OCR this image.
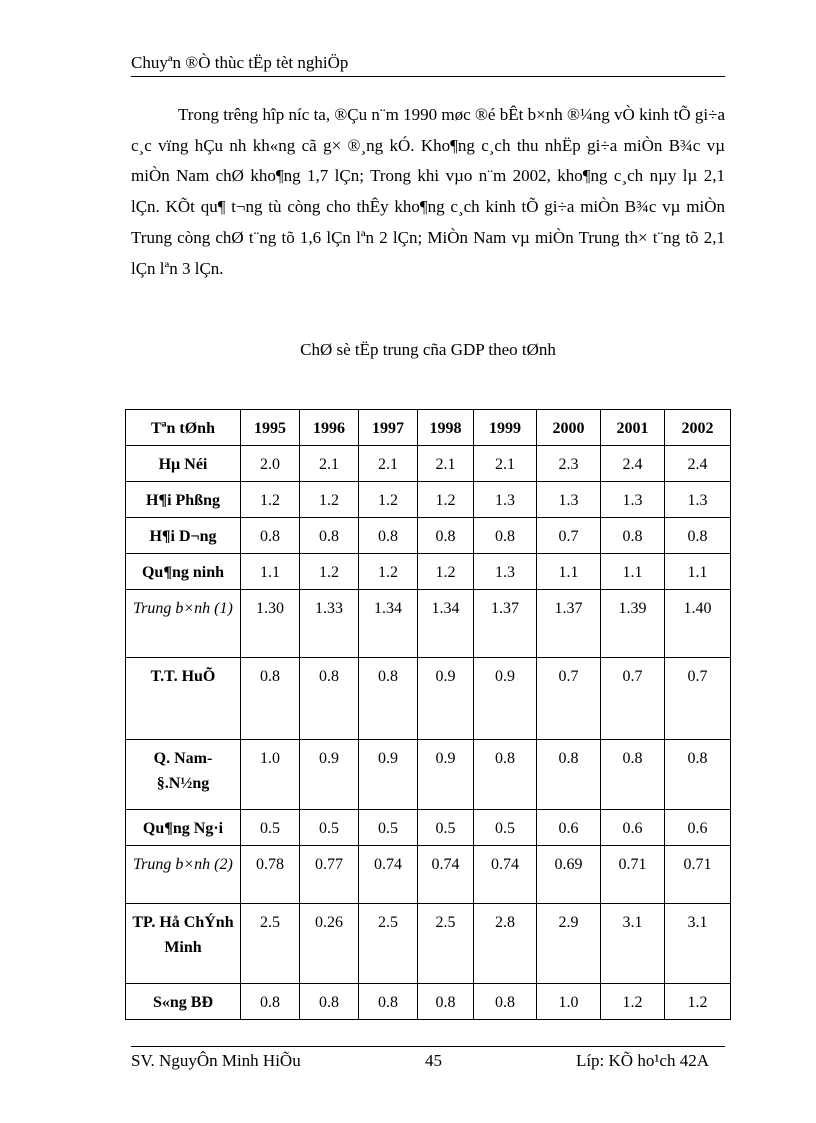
Chuyªn ®Ò thùc tËp tèt nghiÖp

Trong trêng hîp níc ta, ®Çu n¨m 1990 møc ®é bÊt b×nh ®¼ng vÒ kinh tÕ gi÷a c¸c vïng hÇu nh kh«ng cã g× ®¸ng kÓ. Kho¶ng c¸ch thu nhËp gi÷a miÒn B¾c vµ miÒn Nam chØ kho¶ng 1,7 lÇn; Trong khi vµo n¨m 2002, kho¶ng c¸ch nµy lµ 2,1 lÇn. KÕt qu¶ t¬ng tù còng cho thÊy kho¶ng c¸ch kinh tÕ gi÷a miÒn B¾c vµ miÒn Trung còng chØ t¨ng tõ 1,6 lÇn lªn 2 lÇn; MiÒn Nam vµ miÒn Trung th× t¨ng tõ 2,1 lÇn lªn 3 lÇn.

ChØ sè tËp trung cña GDP theo tØnh
Tªn tØnh	1995	1996	1997	1998	1999	2000	2001	2002
Hµ Néi	2.0	2.1	2.1	2.1	2.1	2.3	2.4	2.4
H¶i Phßng	1.2	1.2	1.2	1.2	1.3	1.3	1.3	1.3
H¶i D¬ng	0.8	0.8	0.8	0.8	0.8	0.7	0.8	0.8
Qu¶ng ninh	1.1	1.2	1.2	1.2	1.3	1.1	1.1	1.1
Trung b×nh (1)	1.30	1.33	1.34	1.34	1.37	1.37	1.39	1.40
T.T. HuÕ	0.8	0.8	0.8	0.9	0.9	0.7	0.7	0.7
Q. Nam-§.N½ng	1.0	0.9	0.9	0.9	0.8	0.8	0.8	0.8
Qu¶ng Ng·i	0.5	0.5	0.5	0.5	0.5	0.6	0.6	0.6
Trung b×nh (2)	0.78	0.77	0.74	0.74	0.74	0.69	0.71	0.71
TP. Hå ChÝnh Minh	2.5	0.26	2.5	2.5	2.8	2.9	3.1	3.1
S«ng BÐ	0.8	0.8	0.8	0.8	0.8	1.0	1.2	1.2
SV. NguyÔn Minh HiÕu	45	Líp: KÕ ho¹ch 42A
